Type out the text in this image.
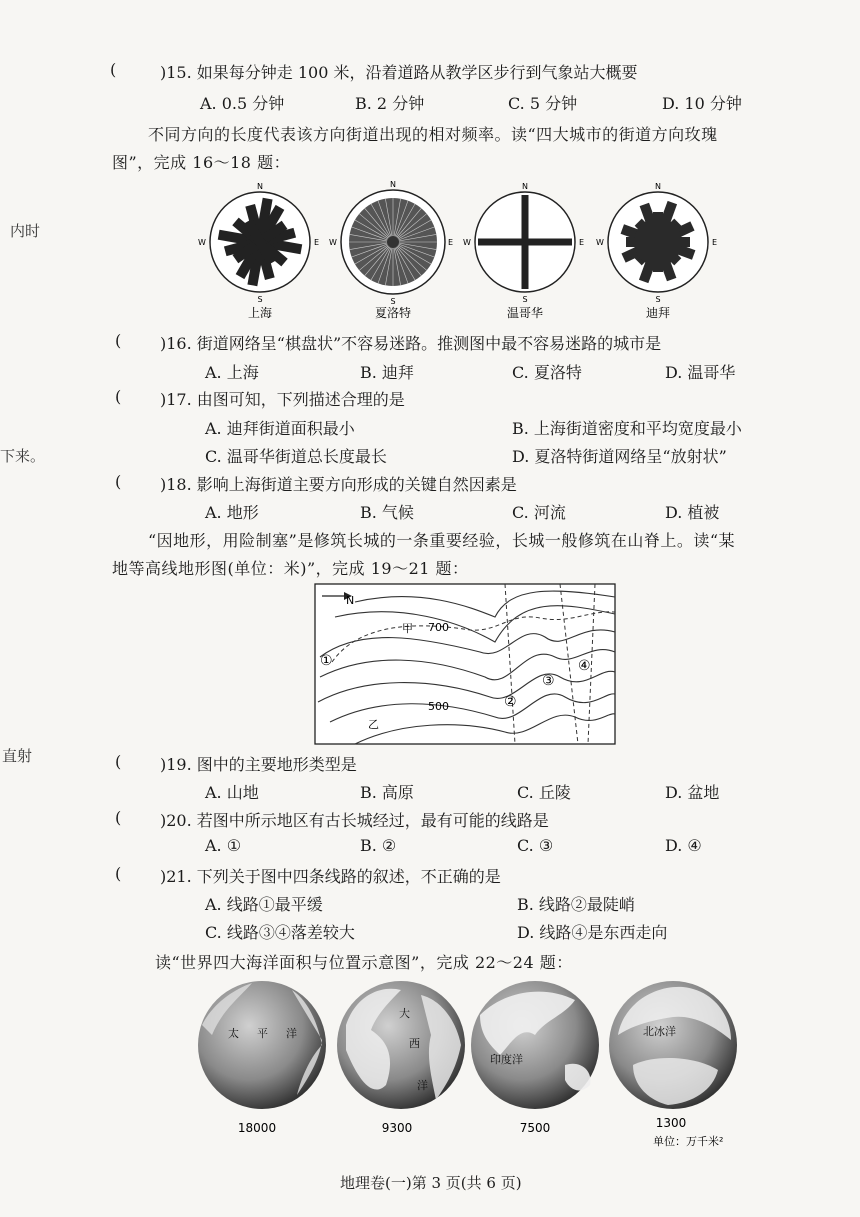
内时
下来。
直射
(	)15. 如果每分钟走 100 米，沿着道路从教学区步行到气象站大概要
A. 0.5 分钟	B. 2 分钟	C. 5 分钟	D. 10 分钟
不同方向的长度代表该方向街道出现的相对频率。读“四大城市的街道方向玫瑰
图”，完成 16～18 题：
N
S
E
W
N
S
E
W
N
S
E
W
N
S
E
W
上海	夏洛特	温哥华	迪拜
( )16. 街道网络呈“棋盘状”不容易迷路。推测图中最不容易迷路的城市是
A. 上海	B. 迪拜	C. 夏洛特	D. 温哥华
( )17. 由图可知，下列描述合理的是
A. 迪拜街道面积最小	B. 上海街道密度和平均宽度最小
C. 温哥华街道总长度最长	D. 夏洛特街道网络呈“放射状”
( )18. 影响上海街道主要方向形成的关键自然因素是
A. 地形	B. 气候	C. 河流	D. 植被
“因地形，用险制塞”是修筑长城的一条重要经验，长城一般修筑在山脊上。读“某
地等高线地形图(单位：米)”，完成 19～21 题：
N
甲 700
500
乙
①
②
③
④
( )19. 图中的主要地形类型是
A. 山地	B. 高原	C. 丘陵	D. 盆地
( )20. 若图中所示地区有古长城经过，最有可能的线路是
A. ①	B. ②	C. ③	D. ④
( )21. 下列关于图中四条线路的叙述，不正确的是
A. 线路①最平缓	B. 线路②最陡峭
C. 线路③④落差较大	D. 线路④是东西走向
读“世界四大海洋面积与位置示意图”，完成 22～24 题：
太 平 洋
大
西
洋
印度洋
北冰洋
18000	9300	7500	1300
单位：万千米²
地理卷(一)第 3 页(共 6 页)
